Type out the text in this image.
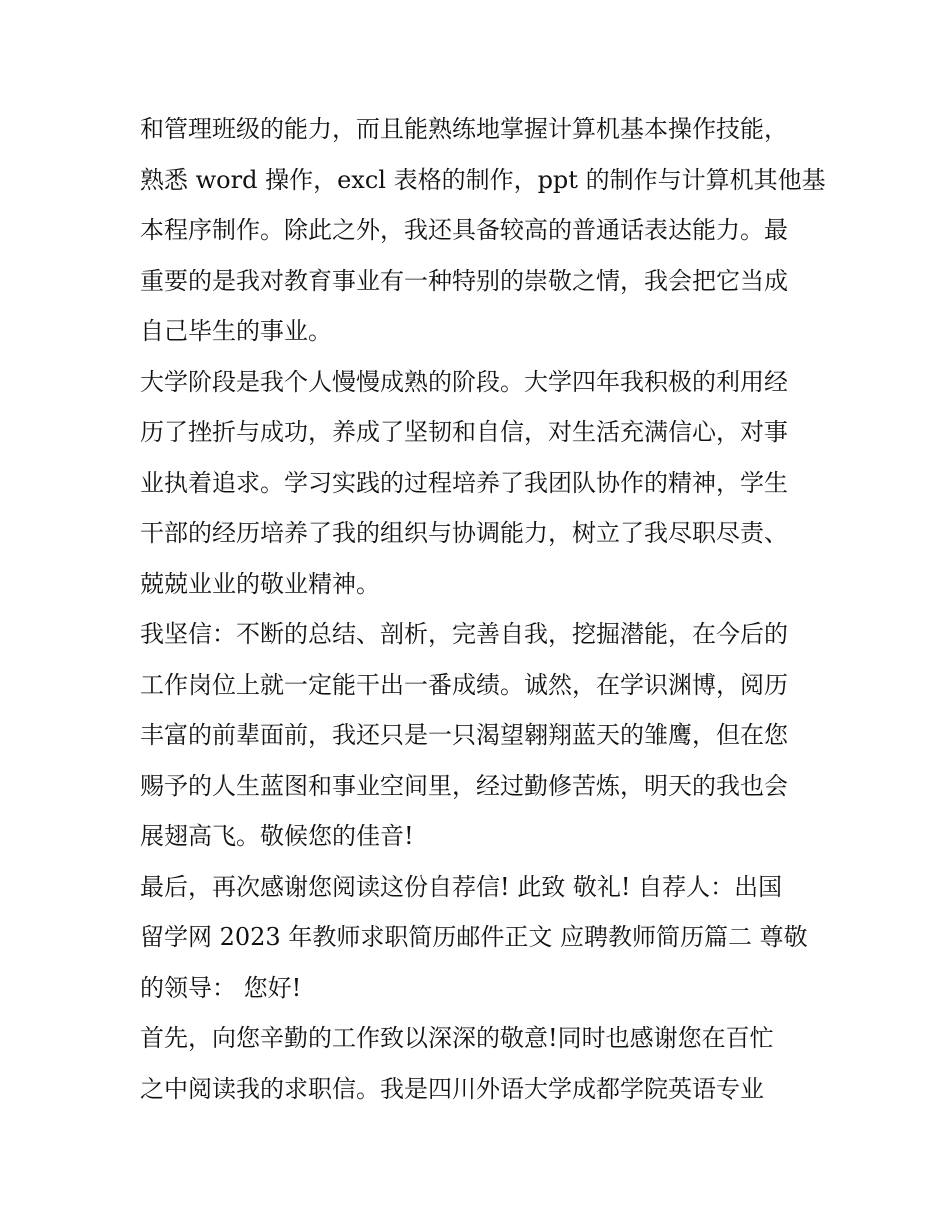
和管理班级的能力，而且能熟练地掌握计算机基本操作技能，
熟悉 word 操作，excl 表格的制作，ppt 的制作与计算机其他基
本程序制作。除此之外，我还具备较高的普通话表达能力。最
重要的是我对教育事业有一种特别的崇敬之情，我会把它当成
自己毕生的事业。
大学阶段是我个人慢慢成熟的阶段。大学四年我积极的利用经
历了挫折与成功，养成了坚韧和自信，对生活充满信心，对事
业执着追求。学习实践的过程培养了我团队协作的精神，学生
干部的经历培养了我的组织与协调能力，树立了我尽职尽责、
兢兢业业的敬业精神。
我坚信：不断的总结、剖析，完善自我，挖掘潜能，在今后的
工作岗位上就一定能干出一番成绩。诚然，在学识渊博，阅历
丰富的前辈面前，我还只是一只渴望翱翔蓝天的雏鹰，但在您
赐予的人生蓝图和事业空间里，经过勤修苦炼，明天的我也会
展翅高飞。敬候您的佳音!
最后，再次感谢您阅读这份自荐信! 此致 敬礼! 自荐人：出国
留学网 2023 年教师求职简历邮件正文 应聘教师简历篇二 尊敬
的领导： 您好!
首先，向您辛勤的工作致以深深的敬意!同时也感谢您在百忙
之中阅读我的求职信。我是四川外语大学成都学院英语专业
